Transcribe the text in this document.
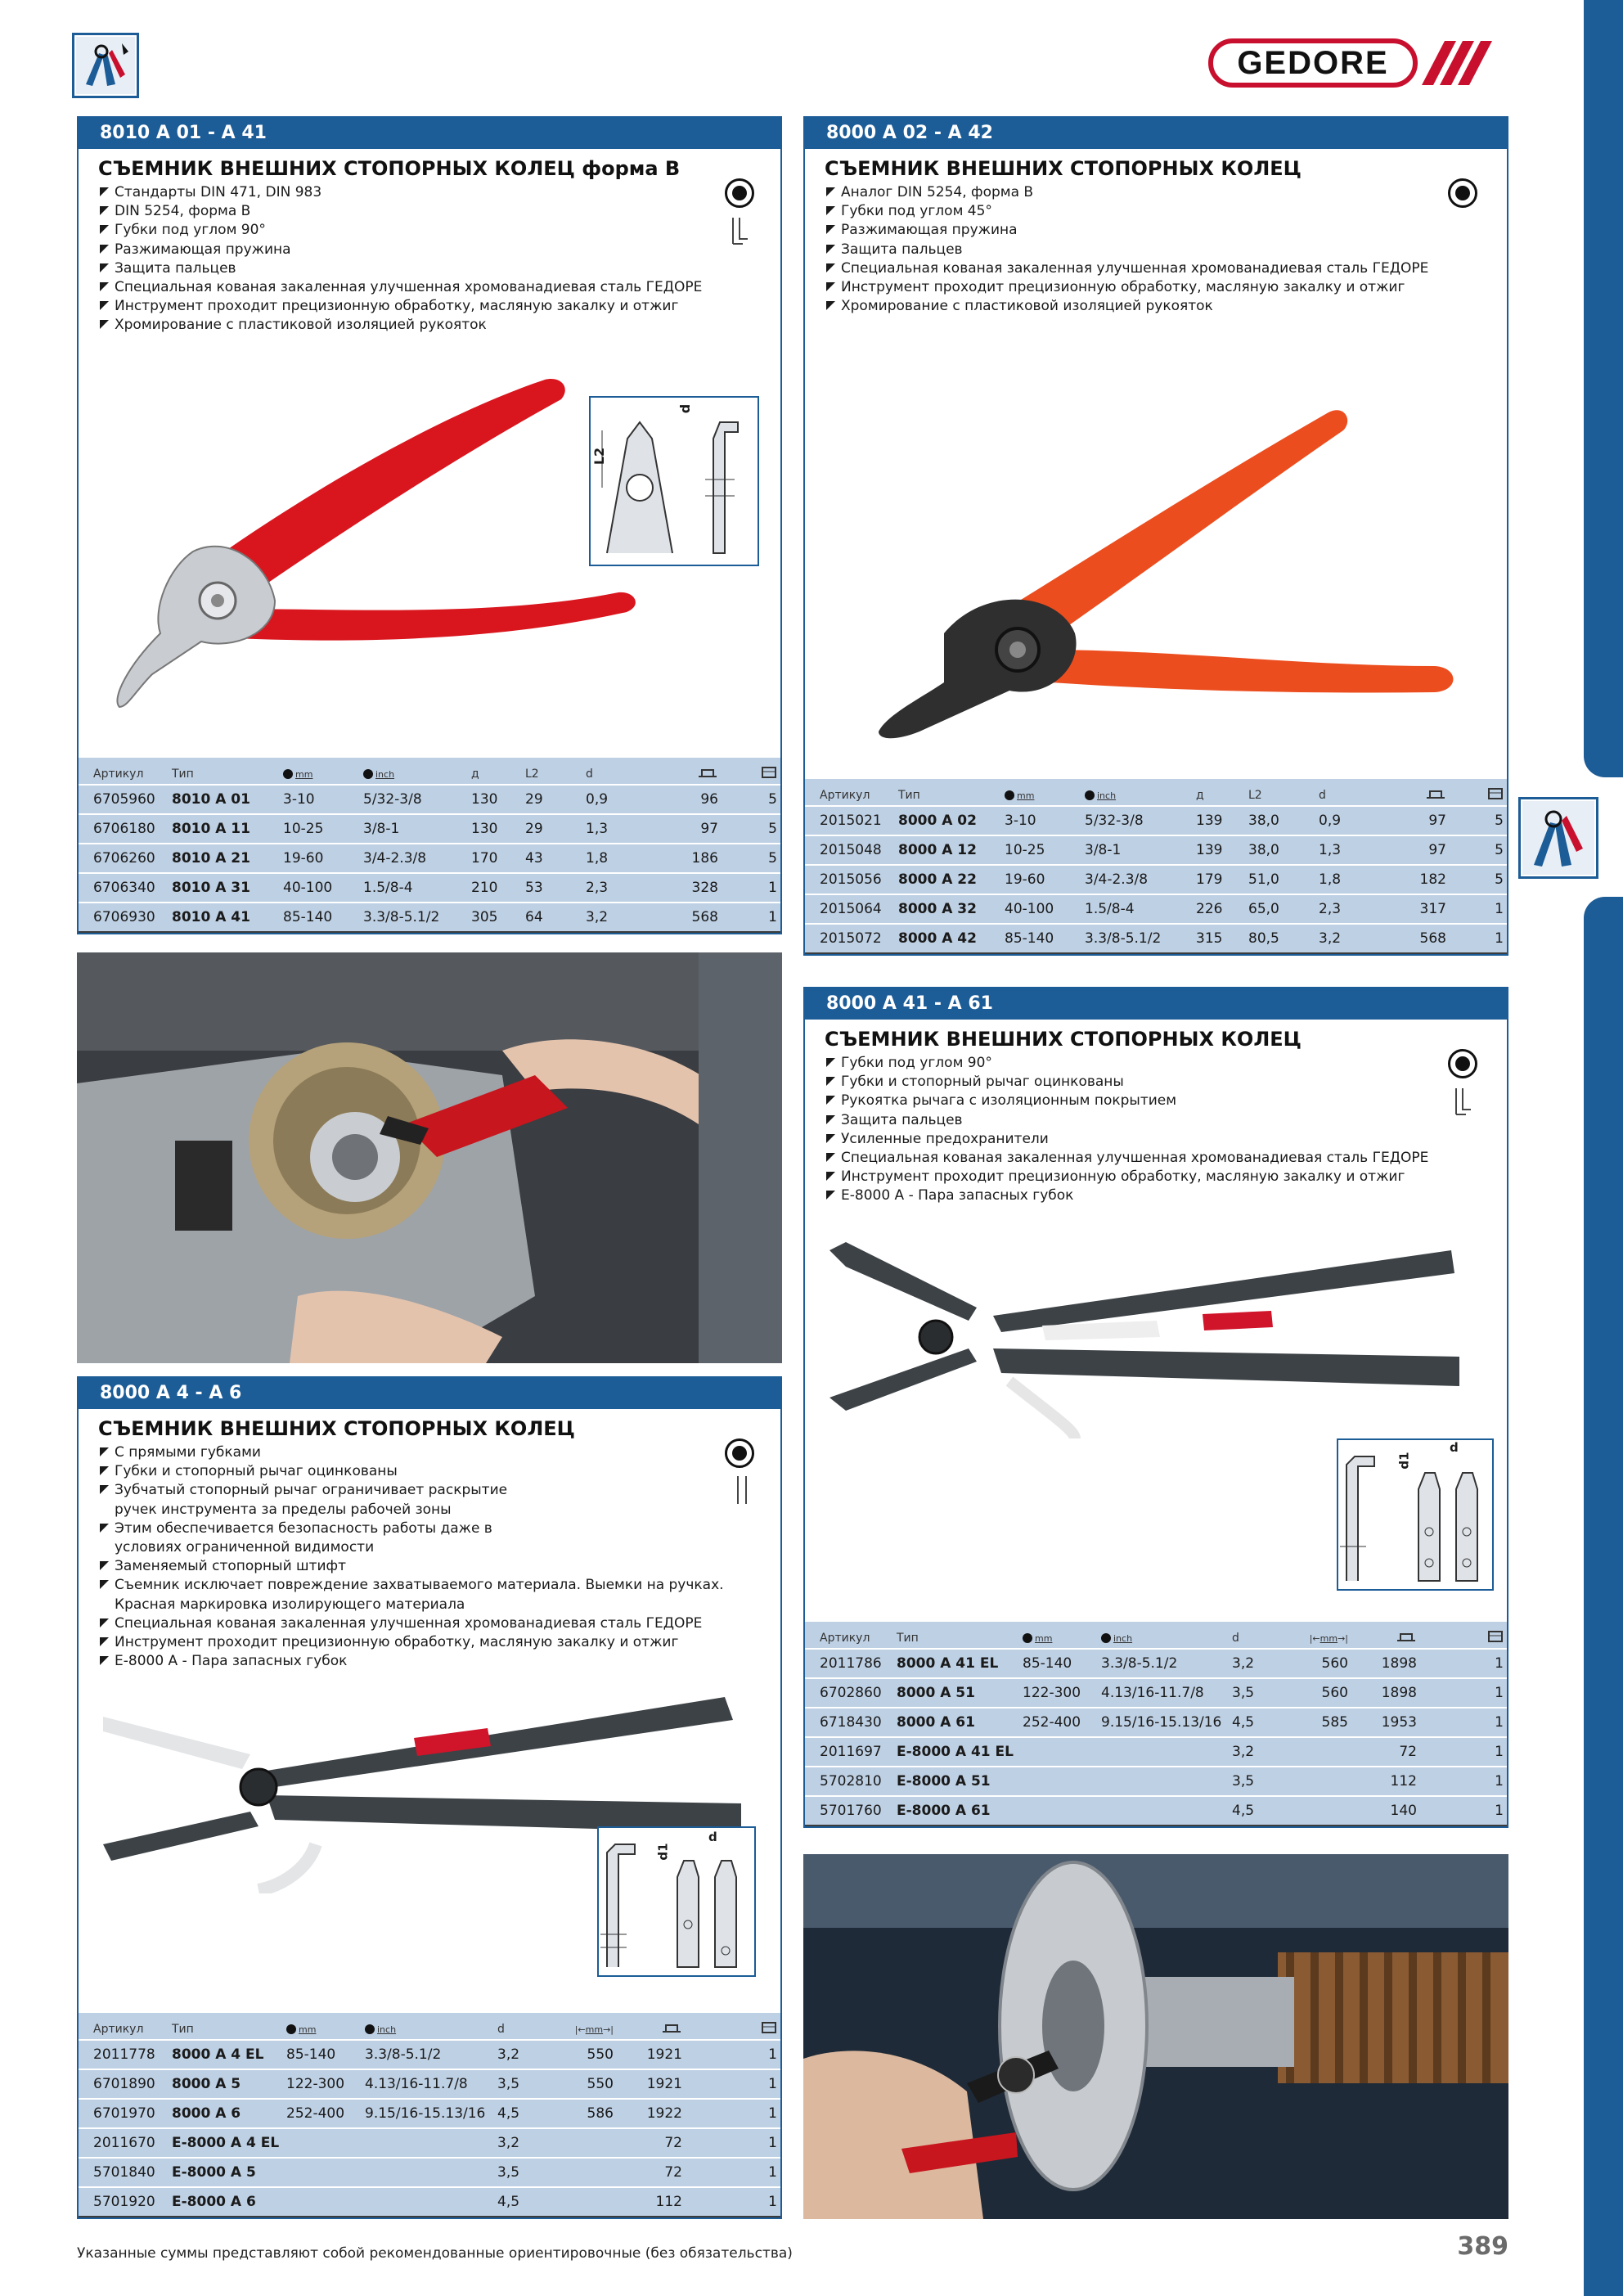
GEDORE
8010 A 01 - A 41
СЪЕМНИК ВНЕШНИХ СТОПОРНЫХ КОЛЕЦ форма В
Стандарты DIN 471, DIN 983
DIN 5254, форма В
Губки под углом 90°
Разжимающая пружина
Защита пальцев
Специальная кованая закаленная улучшенная хромованадиевая сталь ГЕДОРЕ
Инструмент проходит прецизионную обработку, масляную закалку и отжиг
Хромирование с пластиковой изоляцией рукояток
L2
d
Артикул	Тип	mm	inch	д	L2	d		
6705960	8010 A 01	3-10	5/32-3/8	130	29	0,9	96	5
6706180	8010 A 11	10-25	3/8-1	130	29	1,3	97	5
6706260	8010 A 21	19-60	3/4-2.3/8	170	43	1,8	186	5
6706340	8010 A 31	40-100	1.5/8-4	210	53	2,3	328	1
6706930	8010 A 41	85-140	3.3/8-5.1/2	305	64	3,2	568	1
8000 A 02 - A 42
СЪЕМНИК ВНЕШНИХ СТОПОРНЫХ КОЛЕЦ
Аналог DIN 5254, форма В
Губки под углом 45°
Разжимающая пружина
Защита пальцев
Специальная кованая закаленная улучшенная хромованадиевая сталь ГЕДОРЕ
Инструмент проходит прецизионную обработку, масляную закалку и отжиг
Хромирование с пластиковой изоляцией рукояток
Артикул	Тип	mm	inch	д	L2	d		
2015021	8000 A 02	3-10	5/32-3/8	139	38,0	0,9	97	5
2015048	8000 A 12	10-25	3/8-1	139	38,0	1,3	97	5
2015056	8000 A 22	19-60	3/4-2.3/8	179	51,0	1,8	182	5
2015064	8000 A 32	40-100	1.5/8-4	226	65,0	2,3	317	1
2015072	8000 A 42	85-140	3.3/8-5.1/2	315	80,5	3,2	568	1
8000 A 4 - A 6
СЪЕМНИК ВНЕШНИХ СТОПОРНЫХ КОЛЕЦ
С прямыми губками
Губки и стопорный рычаг оцинкованы
Зубчатый стопорный рычаг ограничивает раскрытие
ручек инструмента за пределы рабочей зоны
Этим обеспечивается безопасность работы даже в
условиях ограниченной видимости
Заменяемый стопорный штифт
Съемник исключает повреждение захватываемого материала. Выемки на ручках.
Красная маркировка изолирующего материала
Специальная кованая закаленная улучшенная хромованадиевая сталь ГЕДОРЕ
Инструмент проходит прецизионную обработку, масляную закалку и отжиг
E-8000 A - Пара запасных губок
d1
d
Артикул	Тип	mm	inch	d	|←mm→|		
2011778	8000 A 4 EL	85-140	3.3/8-5.1/2	3,2	550	1921	1
6701890	8000 A 5	122-300	4.13/16-11.7/8	3,5	550	1921	1
6701970	8000 A 6	252-400	9.15/16-15.13/16	4,5	586	1922	1
2011670	E-8000 A 4 EL			3,2		72	1
5701840	E-8000 A 5			3,5		72	1
5701920	E-8000 A 6			4,5		112	1
8000 A 41 - A 61
СЪЕМНИК ВНЕШНИХ СТОПОРНЫХ КОЛЕЦ
Губки под углом 90°
Губки и стопорный рычаг оцинкованы
Рукоятка рычага с изоляционным покрытием
Защита пальцев
Усиленные предохранители
Специальная кованая закаленная улучшенная хромованадиевая сталь ГЕДОРЕ
Инструмент проходит прецизионную обработку, масляную закалку и отжиг
E-8000 A - Пара запасных губок
d1
d
Артикул	Тип	mm	inch	d	|←mm→|		
2011786	8000 A 41 EL	85-140	3.3/8-5.1/2	3,2	560	1898	1
6702860	8000 A 51	122-300	4.13/16-11.7/8	3,5	560	1898	1
6718430	8000 A 61	252-400	9.15/16-15.13/16	4,5	585	1953	1
2011697	E-8000 A 41 EL			3,2		72	1
5702810	E-8000 A 51			3,5		112	1
5701760	E-8000 A 61			4,5		140	1
Указанные суммы представляют собой рекомендованные ориентировочные (без обязательства)	389
